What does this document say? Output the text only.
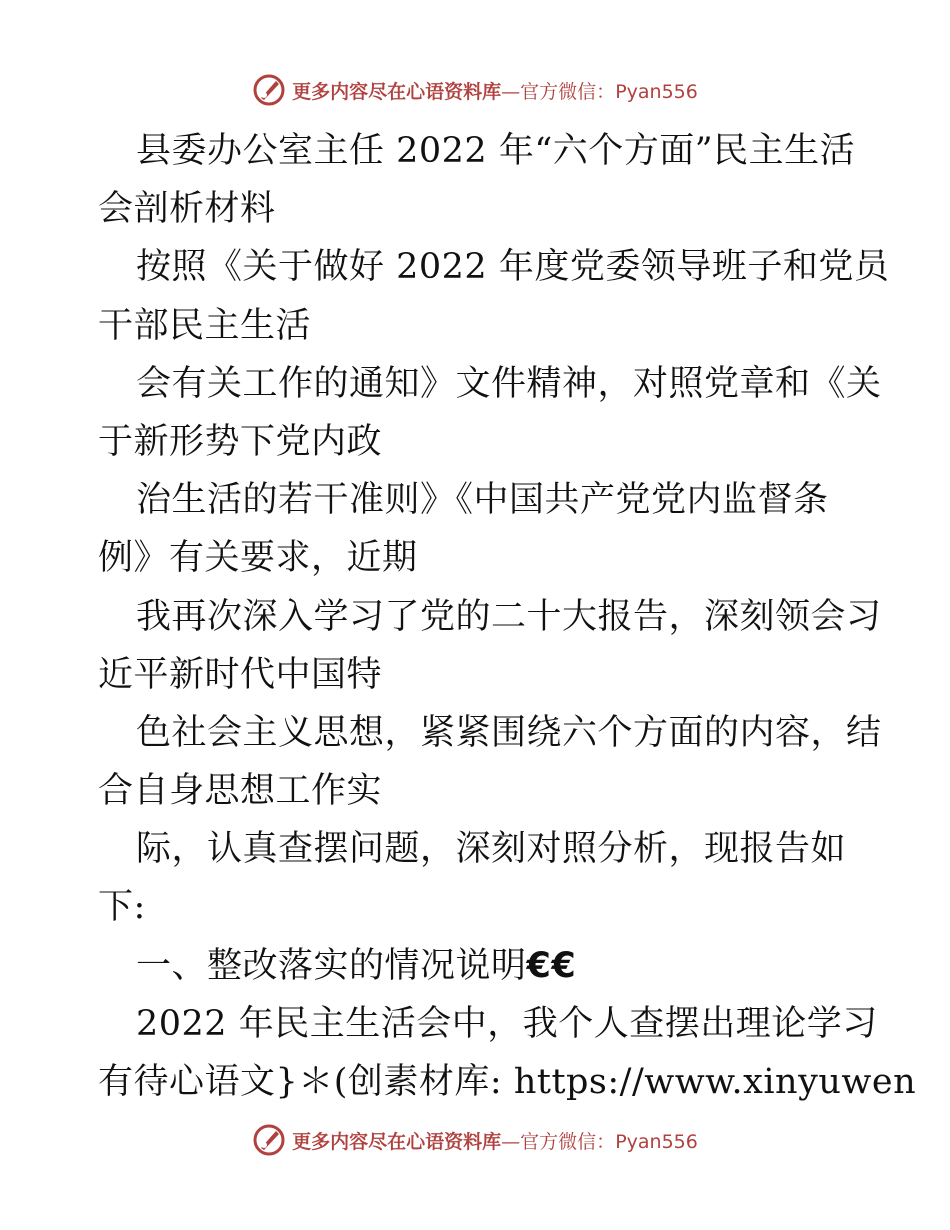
更多内容尽在心语资料库 — 官方微信： Pyan556
县委办公室主任 2022 年“六个方面”民主生活
会剖析材料
按照《关于做好 2022 年度党委领导班子和党员
干部民主生活
会有关工作的通知》文件精神，对照党章和《关
于新形势下党内政
治生活的若干准则》《中国共产党党内监督条
例》有关要求，近期
我再次深入学习了党的二十大报告，深刻领会习
近平新时代中国特
色社会主义思想，紧紧围绕六个方面的内容，结
合自身思想工作实
际，认真查摆问题，深刻对照分析，现报告如
下:
一、整改落实的情况说明€€
2022 年民主生活会中，我个人查摆出理论学习
有待心语文}＊(创素材库: https://www.xinyuwen
更多内容尽在心语资料库 — 官方微信： Pyan556
